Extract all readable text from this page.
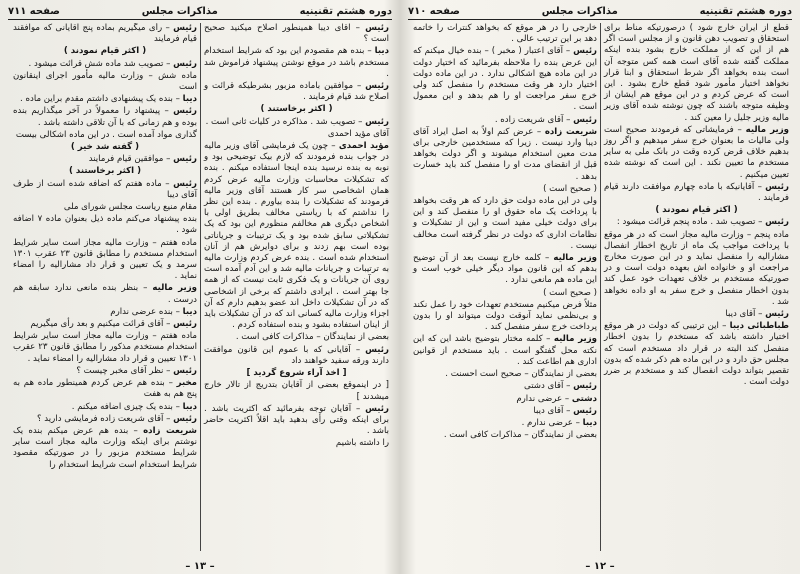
دوره هشتم تقنینیه
مذاکرات مجلس
صفحه ۷۱۱

رئیس – آقای دیبا همینطور اصلاح میکنید صحیح است ؟

دیبا – بنده هم مقصودم این بود که شرایط استخدام مستخدم باشد در موقع نوشتن پیشنهاد فراموش شد .

رئیس – موافقین باماده مزبور بشرطیکه قرائت و اصلاح شد قیام فرمایند .

( اکثر برخاستند )

رئیس – تصویب شد . مذاکره در کلیات ثانی است .

آقای مؤید احمدی

مؤید احمدی – چون یک فرمایشی آقای وزیر مالیه در جواب بنده فرمودند که لازم بیک توضیحی بود و نوبه به بنده نرسید بنده اینجا استفاده میکنم . بنده که تشکیلات محاسبات وزارت مالیه عرض کردم همان اشخاصی سر کار هستند آقای وزیر مالیه فرمودند که تشکیلات را بنده بیاورم . بنده این نظر را نداشتم که با ریاستی مخالف بطریق اولی با اشخاص دیگری هم مخالفم منظورم این بود که یک تشکیلاتی سابق شده بود و یک ترتیبات و جریاناتی بوده است بهم زدند و برای دوایرش هم از آنان استخدام شده است . بنده عرض کردم وزارت مالیه به ترتیبات و جریانات مالیه شد و این آدم آمده است روی آن جریانات و یک فکری ثابت نیست که از همه جا بهتر است . ایرادی داشتم که برخی از اشخاصی که در آن تشکیلات داخل اند عضو بدهیم دارم که آن اجزاء وزارت مالیه کسانی اند که در آن تشکیلات باید از اینان استفاده بشود و بنده استفاده کردم .

بعضی از نمایندگان – مذاکرات کافی است .

رئیس – آقایانی که با عموم این قانون موافقت دارند ورقه سفید خواهند داد

[ اخذ آراء شروع گردید ]

[ در اینموقع بعضی از آقایان بتدریج از تالار خارج میشدند ]

رئیس – آقایان توجه بفرمائید که اکثریت باشد . برای اینکه وقتی رأی بدهید باید اقلاً اکثریت حاضر باشد .

را داشته باشیم

رئیس – رأی میگیریم بماده پنج آقایانی که موافقند قیام فرمایند

( اکثر قیام نمودند )

رئیس – تصویب شد ماده شش قرائت میشود .

ماده شش – وزارت مالیه مأمور اجرای اینقانون است

دیبا – بنده یک پیشنهادی داشتم مقدم براین ماده .

رئیس – پیشنهاد را معمولاً در آخر میگذاریم بنده بوده و هم زمانی که با آن تلاقی داشته باشد .

گذاری مواد آمده است . در این ماده اشکالی بیست

( گفته شد خیر )

رئیس – موافقین قیام فرمایند

( اکثر برخاستند )

رئیس – ماده هفتم که اضافه شده است از طرف آقای دیبا

مقام منیع ریاست مجلس شورای ملی

بنده پیشنهاد می‌کنم ماده ذیل بعنوان ماده ۷ اضافه شود .

ماده هفتم – وزارت مالیه مجاز است سایر شرایط استخدام مستخدم را مطابق قانون ۲۳ عقرب ۱۳۰۱ سرمد و یک تعیین و قرار داد مشارالیه را امضاء نماید .

وزیر مالیه – بنظر بنده مانعی ندارد سابقه هم درست .

دیبا – بنده عرضی ندارم

رئیس – آقای قرائت میکنیم و بعد رأی میگیریم

ماده هفتم – وزارت مالیه مجاز است سایر شرایط استخدام مستخدم مذکور را مطابق قانون ۲۳ عقرب ۱۳۰۱ تعیین و قرار داد مشارالیه را امضاء نماید .

رئیس – نظر آقای مخبر چیست ؟

مخبر – بنده هم عرض کردم همینطور ماده هم به پنج هم به هفت

دیبا – بنده یک چیزی اضافه میکنم .

رئیس – آقای شریعت زاده فرمایشی دارید ؟

شریعت زاده – بنده هم عرض میکنم بنده یک نوشتم برای اینکه وزارت مالیه مجاز است سایر شرایط مستخدم مزبور را در صورتیکه مقصود شرایط استخدام است شرایط استخدام را

– ۱۳ –
دوره هشتم تقنینیه
مذاکرات مجلس
صفحه ۷۱۰

قطع از ایران خارج شود ) درصورتیکه مناط برای استحقاق و تصویب دهن قانون و از مجلس است اگر هم از این که از مملکت خارج بشود بنده اینکه مملکت گفته شده آقای است همه کس متوجه آن است بنده بخواهد اگر شرط استحقاق و ابنا قرار نخواهد اختیار مأمور شود قطع خارج بشود . این است که عرض کردم و در این موقع هم ایشان از وظیفه متوجه باشند که چون نوشته شده آقای وزیر مالیه وزیر جلیل را معین کند .

وزیر مالیه – فرمایشاتی که فرمودند صحیح است ولی مالیات ما بعنوان خرج سفر میدهیم و اگر روز بدهیم خلاف قرض کرده وقت در بانک ملی به سایر مستخدم ما تعیین نکند . این است که نوشته شده تعیین میکنیم .

رئیس – آقایانیکه با ماده چهارم موافقت دارند قیام فرمایند .

( اکثر قیام نمودند )

رئیس – تصویب شد . ماده پنجم قرائت میشود :

ماده پنجم – وزارت مالیه مجاز است که در هر موقع با پرداخت مواجب یک ماه از تاریخ اخطار انفصال مشارالیه را منفصل نماید و در این صورت مخارج مراجعت او و خانواده اش بعهده دولت است و در صورتیکه مستخدم بر خلاف تعهدات خود عمل کند بدون اخطار منفصل و خرج سفر به او داده نخواهد شد .

رئیس – آقای دیبا

طباطبائی دیبا – این ترتیبی که دولت در هر موقع اختیار داشته باشد که مستخدم را بدون اخطار منفصل کند البته در قرار داد مستخدم است که مجلس حق دارد و در این ماده هم ذکر شده که بدون تقصیر بتواند دولت انفصال کند و مستخدم بر ضرر دولت است .

خارجی را در هر موقع که بخواهد کنترات را خاتمه دهد بر این ترتیب عالی .

رئیس – آقای اعتبار ( مخبر ) – بنده خیال میکنم که این عرض بنده را ملاحظه بفرمائید که اختیار دولت در این ماده هیچ اشکالی ندارد . در این ماده دولت اختیار دارد هر وقت مستخدم را منفصل کند ولی خرج سفر مراجعت او را هم بدهد و این معمول است .

رئیس – آقای شریعت زاده .

شریعت زاده – عرض کنم اولاً به اصل ایراد آقای دیبا وارد نیست . زیرا که مستخدمین خارجی برای مدت معین استخدام میشوند و اگر دولت بخواهد قبل از انقضای مدت او را منفصل کند باید خسارت بدهد .

( صحیح است )

ولی در این ماده دولت حق دارد که هر وقت بخواهد با پرداخت یک ماه حقوق او را منفصل کند و این برای دولت خیلی مفید است و این از تشکیلات و نظامات اداری که دولت در نظر گرفته است مخالف نیست .

وزیر مالیه – کلمه خارج نیست بعد از آن توضیح بدهم که این قانون مواد دیگر خیلی خوب است و این ماده هم مانعی ندارد .

( صحیح است )

مثلاً فرض میکنیم مستخدم تعهدات خود را عمل نکند و بی‌نظمی نماید آنوقت دولت میتواند او را بدون پرداخت خرج سفر منفصل کند .

وزیر مالیه – کلمه مختار بتوضیح باشد این که این نکته محل گفتگو است . باید مستخدم از قوانین اداری هم اطاعت کند .

بعضی از نمایندگان – صحیح است احسنت .

رئیس – آقای دشتی

دشتی – عرضی ندارم

رئیس – آقای دیبا

دیبا – عرضی ندارم .

بعضی از نمایندگان – مذاکرات کافی است .

– ۱۲ –
